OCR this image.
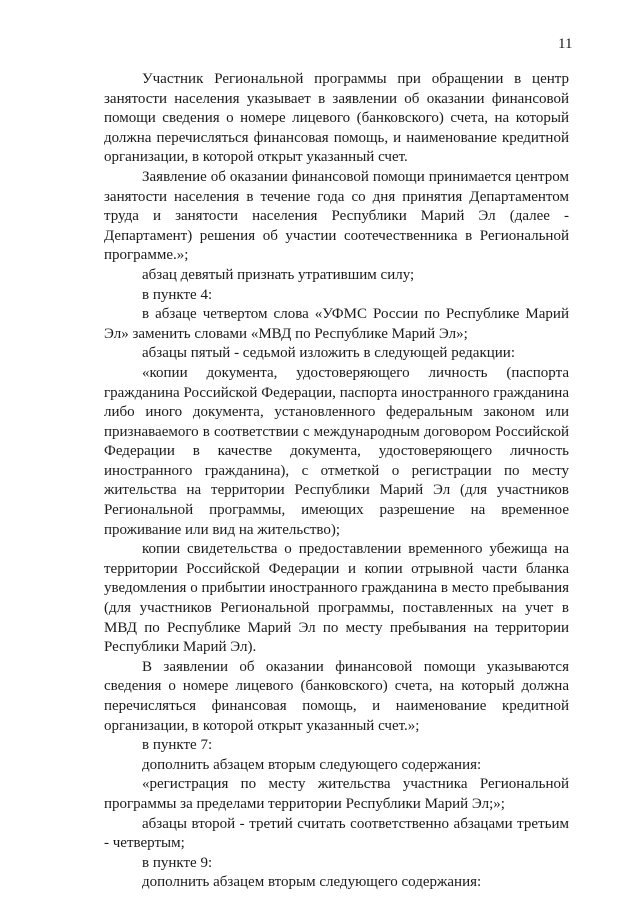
11

Участник Региональной программы при обращении в центр занятости населения указывает в заявлении об оказании финансовой помощи сведения о номере лицевого (банковского) счета, на который должна перечисляться финансовая помощь, и наименование кредитной организации, в которой открыт указанный счет.

Заявление об оказании финансовой помощи принимается центром занятости населения в течение года со дня принятия Департаментом труда и занятости населения Республики Марий Эл (далее - Департамент) решения об участии соотечественника в Региональной программе.»;

абзац девятый признать утратившим силу;

в пункте 4:

в абзаце четвертом слова «УФМС России по Республике Марий Эл» заменить словами «МВД по Республике Марий Эл»;

абзацы пятый - седьмой изложить в следующей редакции:

«копии документа, удостоверяющего личность (паспорта гражданина Российской Федерации, паспорта иностранного гражданина либо иного документа, установленного федеральным законом или признаваемого в соответствии с международным договором Российской Федерации в качестве документа, удостоверяющего личность иностранного гражданина), с отметкой о регистрации по месту жительства на территории Республики Марий Эл (для участников Региональной программы, имеющих разрешение на временное проживание или вид на жительство);

копии свидетельства о предоставлении временного убежища на территории Российской Федерации и копии отрывной части бланка уведомления о прибытии иностранного гражданина в место пребывания (для участников Региональной программы, поставленных на учет в МВД по Республике Марий Эл по месту пребывания на территории Республики Марий Эл).

В заявлении об оказании финансовой помощи указываются сведения о номере лицевого (банковского) счета, на который должна перечисляться финансовая помощь, и наименование кредитной организации, в которой открыт указанный счет.»;

в пункте 7:

дополнить абзацем вторым следующего содержания:

«регистрация по месту жительства участника Региональной программы за пределами территории Республики Марий Эл;»;

абзацы второй - третий считать соответственно абзацами третьим - четвертым;

в пункте 9:

дополнить абзацем вторым следующего содержания:
